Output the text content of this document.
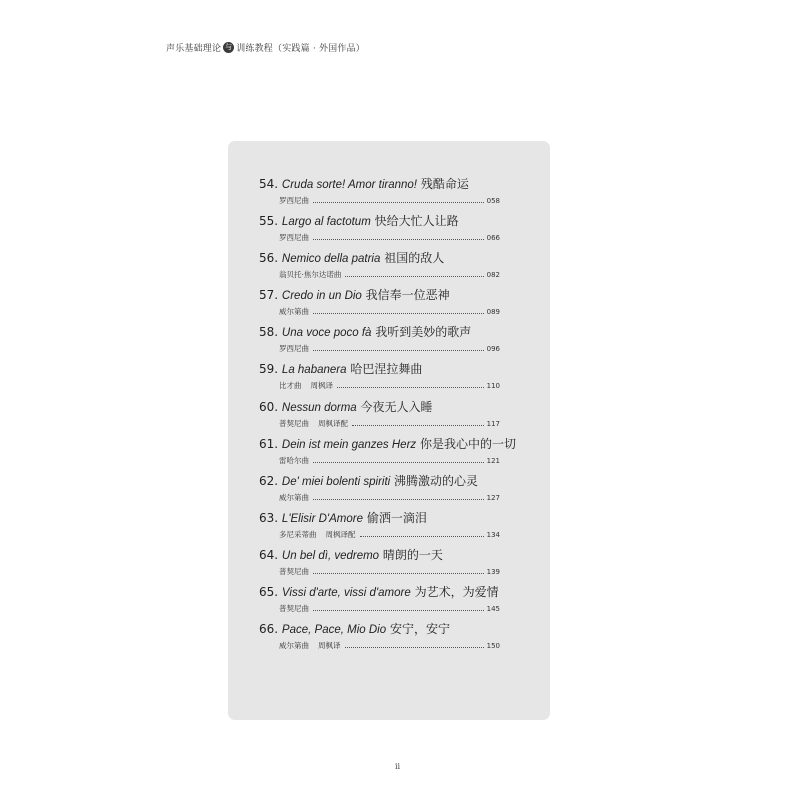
声乐基础理论 与 训练教程（实践篇 · 外国作品）
54. Cruda sorte! Amor tiranno! 残酷命运
罗西尼曲	058
55. Largo al factotum 快给大忙人让路
罗西尼曲	066
56. Nemico della patria 祖国的敌人
翁贝托·焦尔达诺曲	082
57. Credo in un Dio 我信奉一位恶神
威尔第曲	089
58. Una voce poco fà 我听到美妙的歌声
罗西尼曲	096
59. La habanera 哈巴涅拉舞曲
比才曲 周枫译	110
60. Nessun dorma 今夜无人入睡
普契尼曲 周枫译配	117
61. Dein ist mein ganzes Herz 你是我心中的一切
雷哈尔曲	121
62. De' miei bolenti spiriti 沸腾激动的心灵
威尔第曲	127
63. L'Elisir D'Amore 偷洒一滴泪
多尼采蒂曲 周枫译配	134
64. Un bel dì, vedremo 晴朗的一天
普契尼曲	139
65. Vissi d'arte, vissi d'amore 为艺术，为爱情
普契尼曲	145
66. Pace, Pace, Mio Dio 安宁，安宁
威尔第曲 周枫译	150
ii
